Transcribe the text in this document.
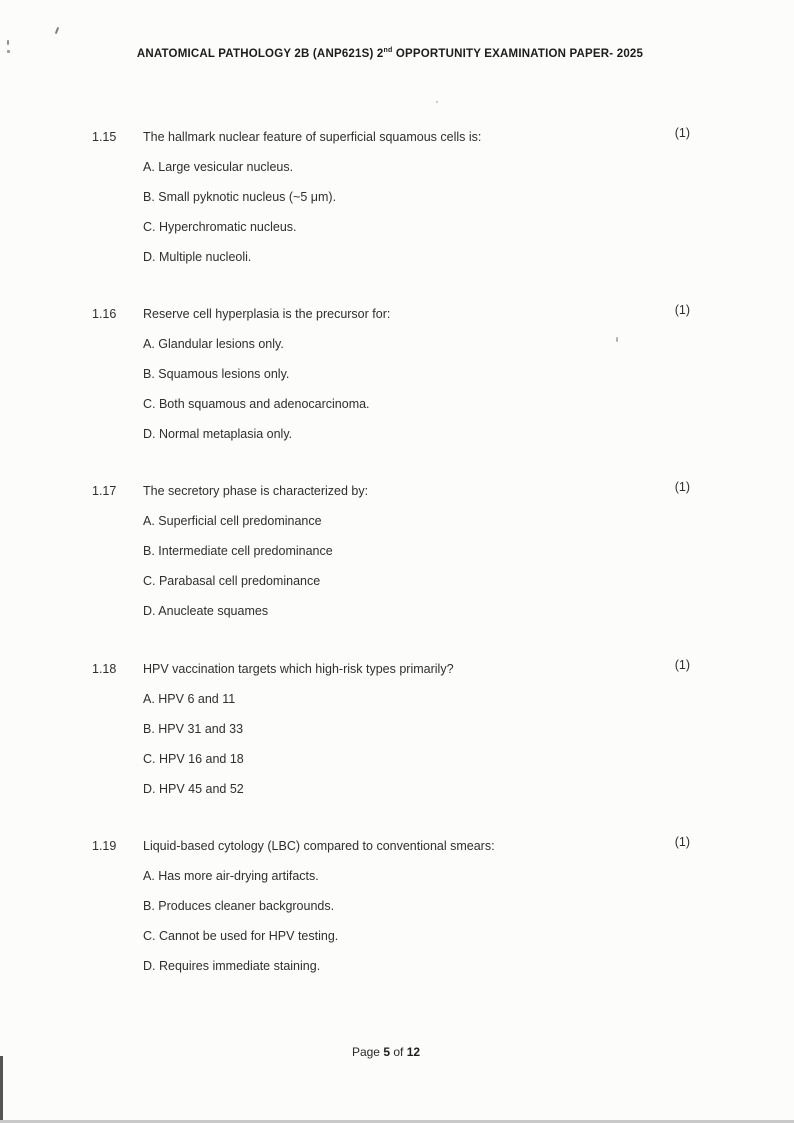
ANATOMICAL PATHOLOGY 2B (ANP621S) 2nd OPPORTUNITY EXAMINATION PAPER- 2025
1.15	The hallmark nuclear feature of superficial squamous cells is:	(1)
A. Large vesicular nucleus.
B. Small pyknotic nucleus (~5 μm).
C. Hyperchromatic nucleus.
D. Multiple nucleoli.
1.16	Reserve cell hyperplasia is the precursor for:	(1)
A. Glandular lesions only.
B. Squamous lesions only.
C. Both squamous and adenocarcinoma.
D. Normal metaplasia only.
1.17	The secretory phase is characterized by:	(1)
A. Superficial cell predominance
B. Intermediate cell predominance
C. Parabasal cell predominance
D. Anucleate squames
1.18	HPV vaccination targets which high-risk types primarily?	(1)
A. HPV 6 and 11
B. HPV 31 and 33
C. HPV 16 and 18
D. HPV 45 and 52
1.19	Liquid-based cytology (LBC) compared to conventional smears:	(1)
A. Has more air-drying artifacts.
B. Produces cleaner backgrounds.
C. Cannot be used for HPV testing.
D. Requires immediate staining.
Page 5 of 12
